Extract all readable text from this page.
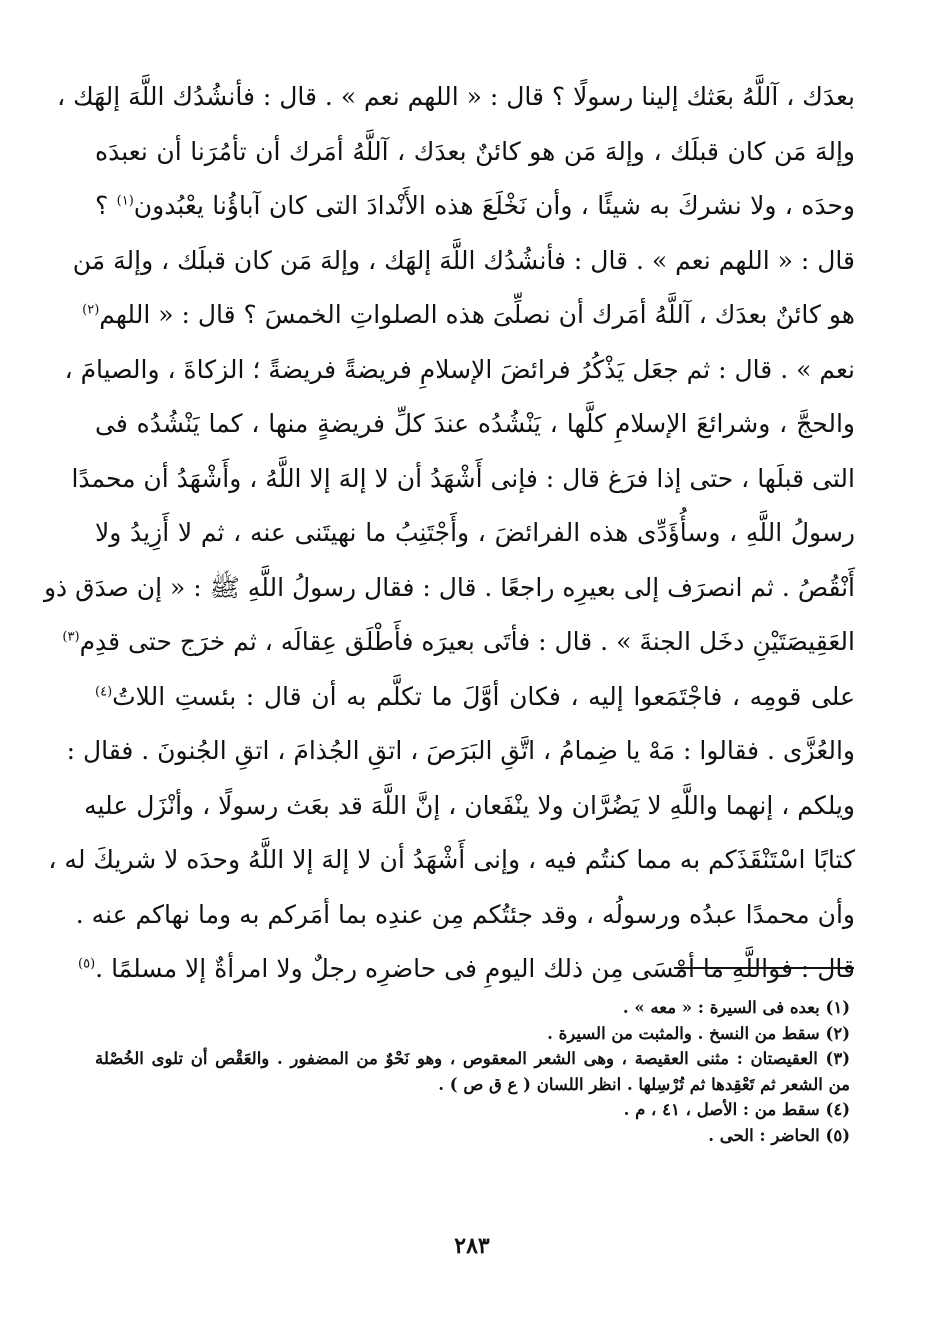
بعدَك ، آللَّهُ بعَثك إلينا رسولًا ؟ قال : « اللهم نعم » . قال : فأنشُدُك اللَّهَ إلهَك ،
وإلهَ مَن كان قبلَك ، وإلهَ مَن هو كائنٌ بعدَك ، آللَّهُ أمَرك أن تأمُرَنا أن نعبدَه
وحدَه ، ولا نشركَ به شيئًا ، وأن نَخْلَعَ هذه الأَنْدادَ التى كان آباؤُنا يعْبُدون$^{(١)}$ ؟
قال : « اللهم نعم » . قال : فأنشُدُك اللَّهَ إلهَك ، وإلهَ مَن كان قبلَك ، وإلهَ مَن
هو كائنٌ بعدَك ، آللَّهُ أمَرك أن نصلِّىَ هذه الصلواتِ الخمسَ ؟ قال : « اللهم$^{(٢)}$
نعم » . قال : ثم جعَل يَذْكُرُ فرائضَ الإسلامِ فريضةً فريضةً ؛ الزكاةَ ، والصيامَ ،
والحجَّ ، وشرائعَ الإسلامِ كلَّها ، يَنْشُدُه عندَ كلِّ فريضةٍ منها ، كما يَنْشُدُه فى
التى قبلَها ، حتى إذا فرَغ قال : فإنى أَشْهَدُ أن لا إلهَ إلا اللَّهُ ، وأَشْهَدُ أن محمدًا
رسولُ اللَّهِ ، وسأُؤَدِّى هذه الفرائضَ ، وأَجْتَنِبُ ما نهيتَنى عنه ، ثم لا أَزِيدُ ولا
أَنْقُصُ . ثم انصرَف إلى بعيرِه راجعًا . قال : فقال رسولُ اللَّهِ ﷺ : « إن صدَق ذو
العَقِيصَتَيْنِ دخَل الجنةَ » . قال : فأتَى بعيرَه فأَطْلَق عِقالَه ، ثم خرَج حتى قدِم$^{(٣)}$
على قومِه ، فاجْتَمَعوا إليه ، فكان أوَّلَ ما تكلَّم به أن قال : بئستِ اللاتُ$^{(٤)}$
والعُزَّى . فقالوا : مَهْ يا ضِمامُ ، اتَّقِ البَرَصَ ، اتقِ الجُذامَ ، اتقِ الجُنونَ . فقال :
ويلكم ، إنهما واللَّهِ لا يَضُرَّان ولا ينْفَعان ، إنَّ اللَّهَ قد بعَث رسولًا ، وأنْزَل عليه
كتابًا اسْتَنْقَذَكم به مما كنتُم فيه ، وإنى أَشْهَدُ أن لا إلهَ إلا اللَّهُ وحدَه لا شريكَ له ،
وأن محمدًا عبدُه ورسولُه ، وقد جئتُكم مِن عندِه بما أمَركم به وما نهاكم عنه .
قال : فواللَّهِ ما أمْسَى مِن ذلك اليومِ فى حاضرِه رجلٌ ولا امرأةٌ إلا مسلمًا .$^{(٥)}$
(١) بعده فى السيرة : « معه » .
(٢) سقط من النسخ . والمثبت من السيرة .
(٣) العقيصتان : مثنى العقيصة ، وهى الشعر المعقوص ، وهو نَحْوٌ من المضفور . والعَقْص أن تلوى الخُصْلة
من الشعر ثم تَعْقِدها ثم تُرْسِلها . انظر اللسان ( ع ق ص ) .
(٤) سقط من : الأصل ، ٤١ ، م .
(٥) الحاضر : الحى .
٢٨٣
